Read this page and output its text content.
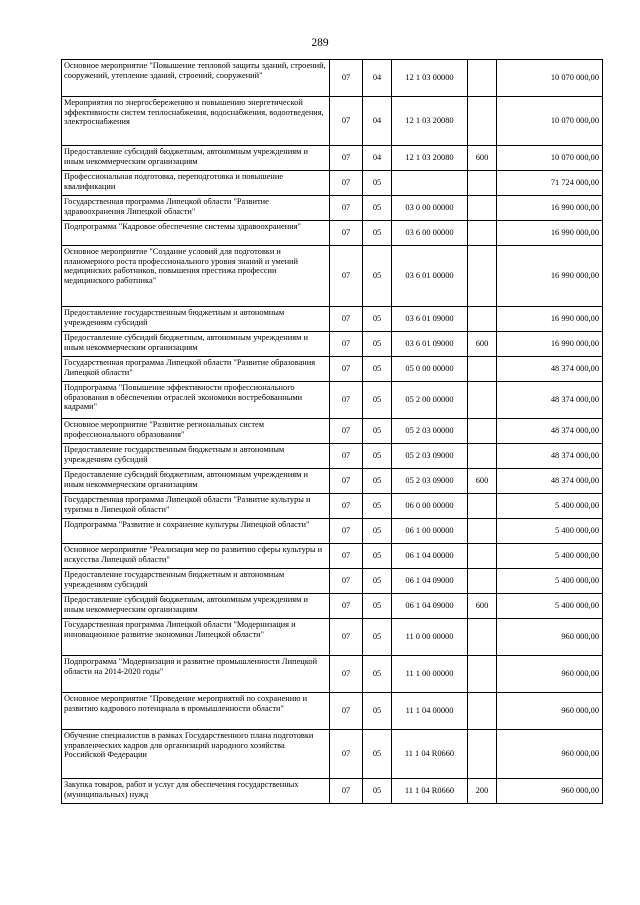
289
Основное мероприятие "Повышение тепловой защиты зданий, строений, сооружений, утепление зданий, строений, сооружений"	07	04	12 1 03 00000		10 070 000,00
Мероприятия по энергосбережению и повышению энергетической эффективности систем теплоснабжения, водоснабжения, водоотведения, электроснабжения	07	04	12 1 03 20080		10 070 000,00
Предоставление субсидий бюджетным, автономным учреждениям и иным некоммерческим организациям	07	04	12 1 03 20080	600	10 070 000,00
Профессиональная подготовка, переподготовка и повышение квалификации	07	05			71 724 000,00
Государственная программа Липецкой области "Развитие здравоохранения Липецкой области"	07	05	03 0 00 00000		16 990 000,00
Подпрограмма "Кадровое обеспечение системы здравоохранения"	07	05	03 6 00 00000		16 990 000,00
Основное мероприятие "Создание условий для подготовки и планомерного роста профессионального уровня знаний и умений медицинских работников, повышения престижа профессии медицинского работника"	07	05	03 6 01 00000		16 990 000,00
Предоставление государственным бюджетным и автономным учреждениям субсидий	07	05	03 6 01 09000		16 990 000,00
Предоставление субсидий бюджетным, автономным учреждениям и иным некоммерческим организациям	07	05	03 6 01 09000	600	16 990 000,00
Государственная программа Липецкой области "Развитие образования Липецкой области"	07	05	05 0 00 00000		48 374 000,00
Подпрограмма "Повышение эффективности профессионального образования в обеспечении отраслей экономики востребованными кадрами"	07	05	05 2 00 00000		48 374 000,00
Основное мероприятие "Развитие региональных систем профессионального образования"	07	05	05 2 03 00000		48 374 000,00
Предоставление государственным бюджетным и автономным учреждениям субсидий	07	05	05 2 03 09000		48 374 000,00
Предоставление субсидий бюджетным, автономным учреждениям и иным некоммерческим организациям	07	05	05 2 03 09000	600	48 374 000,00
Государственная программа Липецкой области "Развитие культуры и туризма в Липецкой области"	07	05	06 0 00 00000		5 400 000,00
Подпрограмма "Развитие и сохранение культуры Липецкой области"	07	05	06 1 00 00000		5 400 000,00
Основное мероприятие "Реализация мер по развитию сферы культуры и искусства Липецкой области"	07	05	06 1 04 00000		5 400 000,00
Предоставление государственным бюджетным и автономным учреждениям субсидий	07	05	06 1 04 09000		5 400 000,00
Предоставление субсидий бюджетным, автономным учреждениям и иным некоммерческим организациям	07	05	06 1 04 09000	600	5 400 000,00
Государственная программа Липецкой области "Модернизация и инновационное развитие экономики Липецкой области"	07	05	11 0 00 00000		960 000,00
Подпрограмма "Модернизация и развитие промышленности Липецкой области на 2014-2020 годы"	07	05	11 1 00 00000		960 000,00
Основное мероприятие "Проведение мероприятий по сохранению и развитию кадрового потенциала в промышленности области"	07	05	11 1 04 00000		960 000,00
Обучение специалистов в рамках Государственного плана подготовки управленческих кадров для организаций народного хозяйства Российской Федерации	07	05	11 1 04 R0660		960 000,00
Закупка товаров, работ и услуг для обеспечения государственных (муниципальных) нужд	07	05	11 1 04 R0660	200	960 000,00
